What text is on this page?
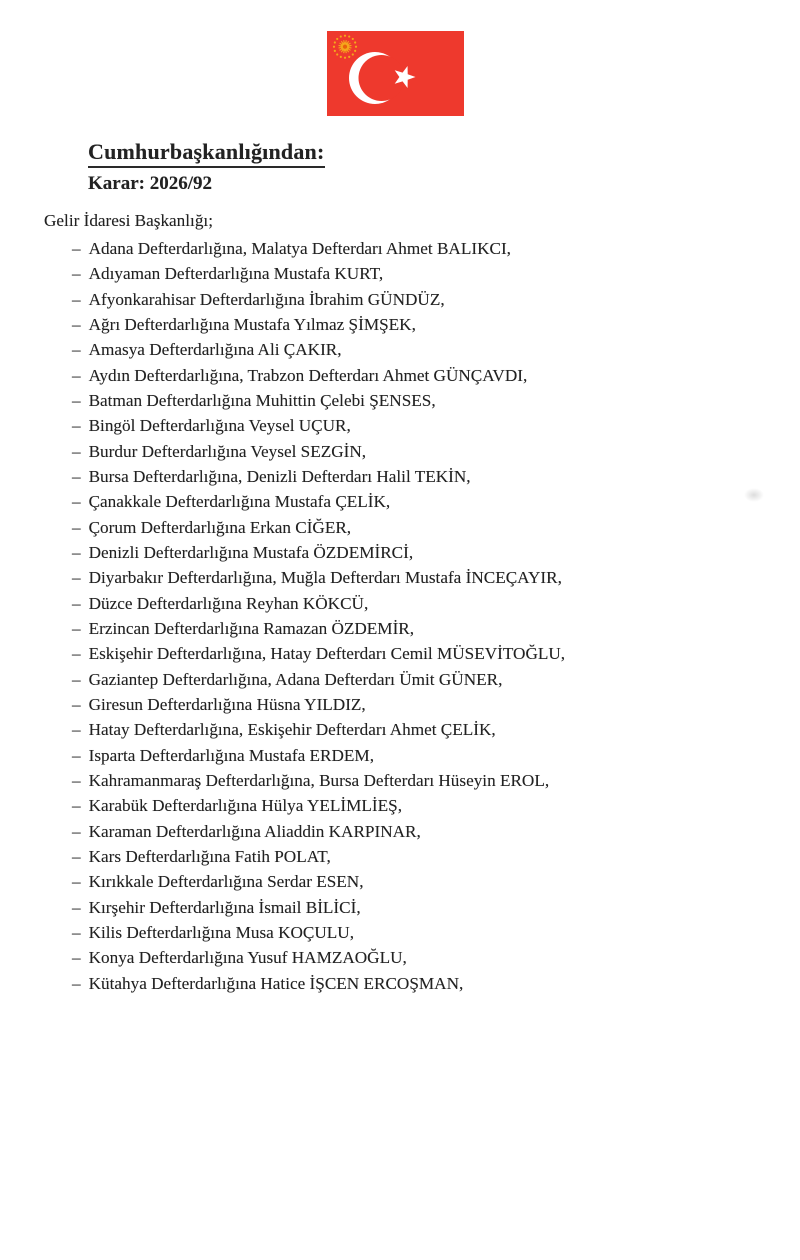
Cumhurbaşkanlığından:
Karar: 2026/92
Gelir İdaresi Başkanlığı;
– Adana Defterdarlığına, Malatya Defterdarı Ahmet BALIKCI,
– Adıyaman Defterdarlığına Mustafa KURT,
– Afyonkarahisar Defterdarlığına İbrahim GÜNDÜZ,
– Ağrı Defterdarlığına Mustafa Yılmaz ŞİMŞEK,
– Amasya Defterdarlığına Ali ÇAKIR,
– Aydın Defterdarlığına, Trabzon Defterdarı Ahmet GÜNÇAVDI,
– Batman Defterdarlığına Muhittin Çelebi ŞENSES,
– Bingöl Defterdarlığına Veysel UÇUR,
– Burdur Defterdarlığına Veysel SEZGİN,
– Bursa Defterdarlığına, Denizli Defterdarı Halil TEKİN,
– Çanakkale Defterdarlığına Mustafa ÇELİK,
– Çorum Defterdarlığına Erkan CİĞER,
– Denizli Defterdarlığına Mustafa ÖZDEMİRCİ,
– Diyarbakır Defterdarlığına, Muğla Defterdarı Mustafa İNCEÇAYIR,
– Düzce Defterdarlığına Reyhan KÖKCÜ,
– Erzincan Defterdarlığına Ramazan ÖZDEMİR,
– Eskişehir Defterdarlığına, Hatay Defterdarı Cemil MÜSEVİTOĞLU,
– Gaziantep Defterdarlığına, Adana Defterdarı Ümit GÜNER,
– Giresun Defterdarlığına Hüsna YILDIZ,
– Hatay Defterdarlığına, Eskişehir Defterdarı Ahmet ÇELİK,
– Isparta Defterdarlığına Mustafa ERDEM,
– Kahramanmaraş Defterdarlığına, Bursa Defterdarı Hüseyin EROL,
– Karabük Defterdarlığına Hülya YELİMLİEŞ,
– Karaman Defterdarlığına Aliaddin KARPINAR,
– Kars Defterdarlığına Fatih POLAT,
– Kırıkkale Defterdarlığına Serdar ESEN,
– Kırşehir Defterdarlığına İsmail BİLİCİ,
– Kilis Defterdarlığına Musa KOÇULU,
– Konya Defterdarlığına Yusuf HAMZAOĞLU,
– Kütahya Defterdarlığına Hatice İŞCEN ERCOŞMAN,
